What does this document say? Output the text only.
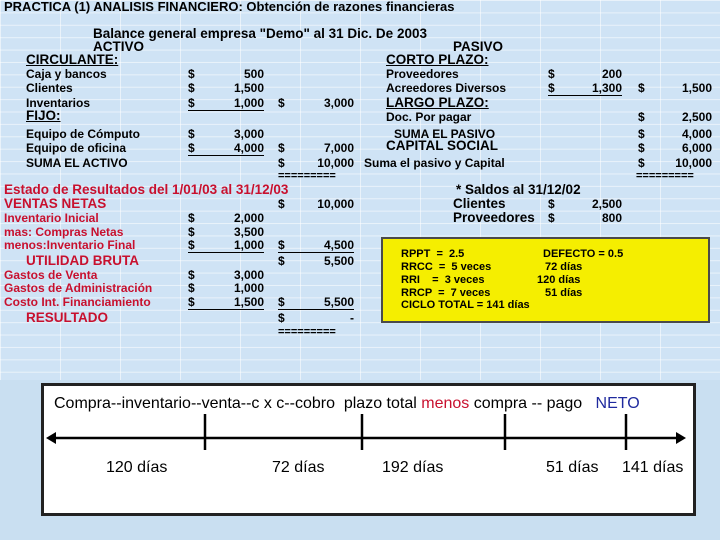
PRACTICA (1) ANALISIS FINANCIERO: Obtención de razones financieras
Balance general empresa "Demo" al 31 Dic. De 2003
ACTIVO	PASIVO
CIRCULANTE:
Caja y bancos	$	500
Clientes	$	1,500
Inventarios	$	1,000 $	3,000
FIJO:
Equipo de Cómputo	$	3,000
Equipo de oficina	$	4,000 $	7,000
SUMA EL ACTIVO	$	10,000
=========
CORTO PLAZO:
Proveedores	$	200
Acreedores Diversos	$	1,300 $	1,500
LARGO PLAZO:
Doc. Por pagar	$	2,500
SUMA EL PASIVO	$	4,000
CAPITAL SOCIAL	$	6,000
Suma el pasivo y Capital	$	10,000
=========
Estado de Resultados del 1/01/03 al 31/12/03
VENTAS NETAS	$	10,000
Inventario Inicial	$	2,000
mas: Compras Netas	$	3,500
menos:Inventario Final	$	1,000 $	4,500
UTILIDAD BRUTA	$	5,500
Gastos de Venta	$	3,000
Gastos de Administración	$	1,000
Costo Int. Financiamiento	$	1,500 $	5,500
RESULTADO	$	-
=========
* Saldos al 31/12/02
Clientes	$	2,500
Proveedores $	800
RPPT  =  2.5	DEFECTO = 0.5
RRCC  =  5 veces	72 días
RRI    =  3 veces	120 días
RRCP  =  7 veces	51 días
CICLO TOTAL = 141 días
Compra--inventario--venta--c x c--cobro  plazo total menos compra -- pago   NETO
120 días	72 días	192 días	51 días 141 días
